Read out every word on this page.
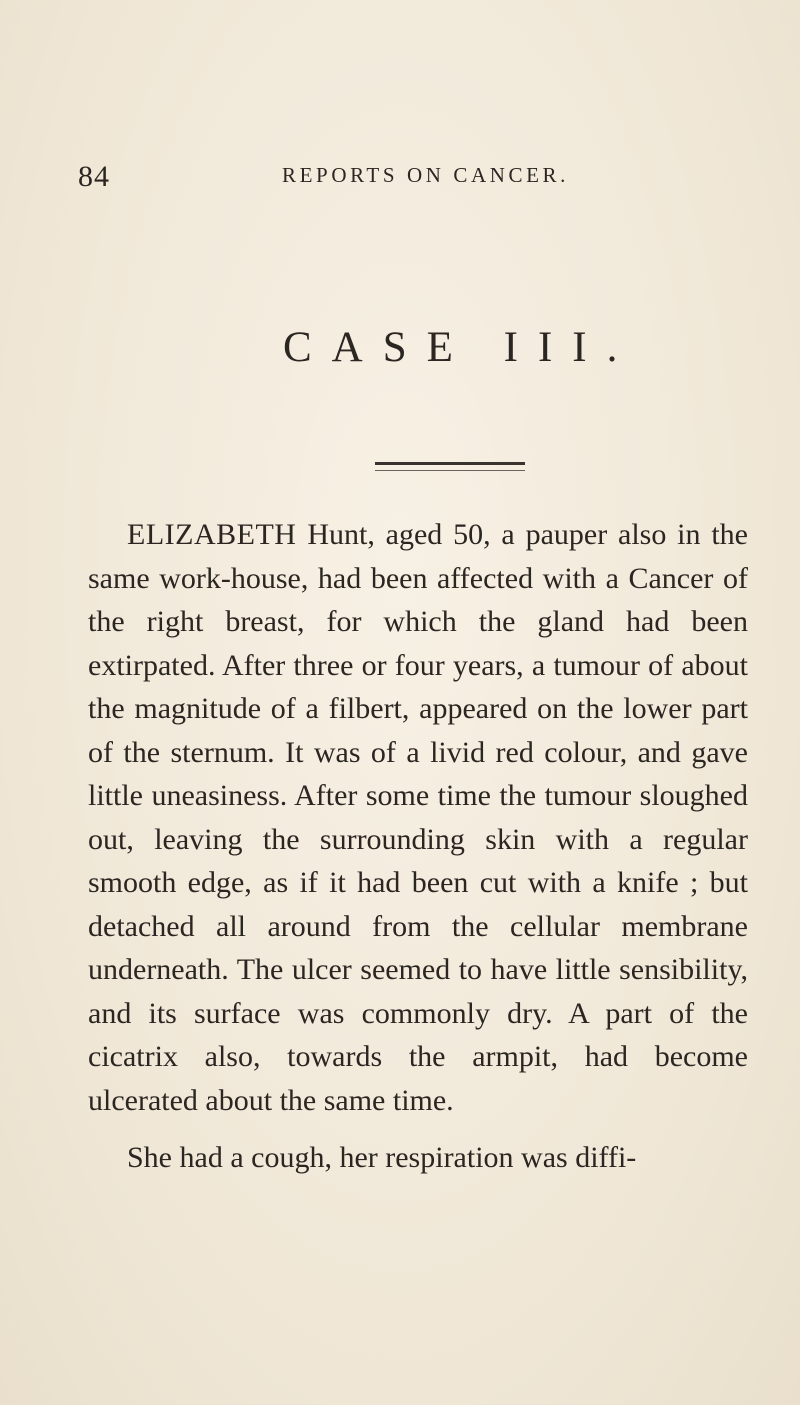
84	REPORTS ON CANCER.
CASE III.

ELIZABETH Hunt, aged 50, a pauper also in the same work-house, had been affected with a Cancer of the right breast, for which the gland had been extirpated. After three or four years, a tumour of about the magnitude of a filbert, appeared on the lower part of the sternum. It was of a livid red colour, and gave little uneasiness. After some time the tumour sloughed out, leaving the surrounding skin with a regular smooth edge, as if it had been cut with a knife ; but detached all around from the cellular membrane underneath. The ulcer seemed to have little sensibility, and its surface was commonly dry. A part of the cicatrix also, towards the armpit, had become ulcerated about the same time.

She had a cough, her respiration was diffi-
